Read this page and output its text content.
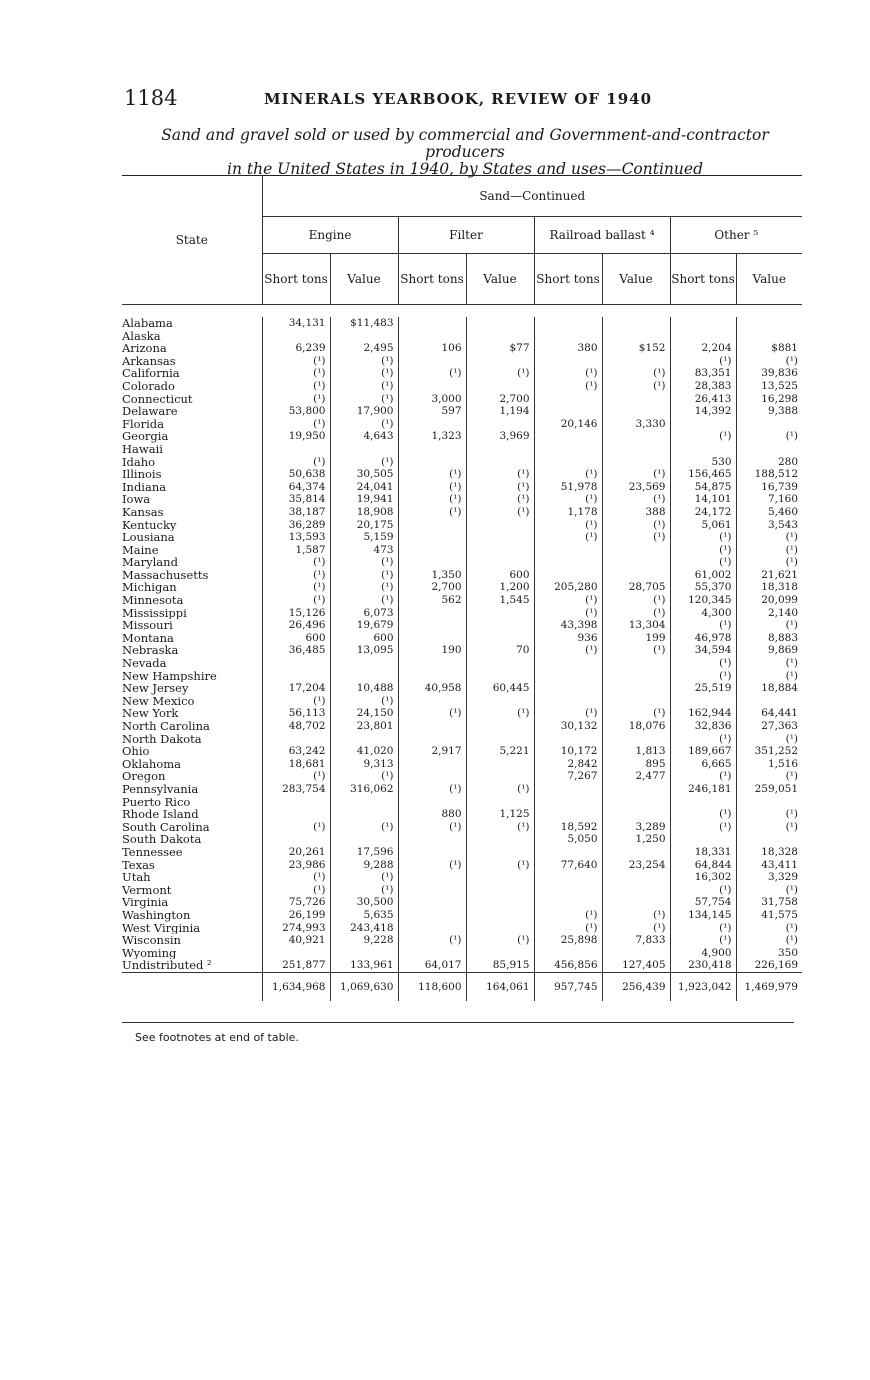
1184	MINERALS YEARBOOK, REVIEW OF 1940
Sand and gravel sold or used by commercial and Government-and-contractor producers
in the United States in 1940, by States and uses—Continued

State	Sand—Continued							
	Engine		Filter		Railroad ballast ⁴		Other ⁵	
	Short tons	Value	Short tons	Value	Short tons	Value	Short tons	Value

Alabama	34,131	$11,483						
Alaska								
Arizona	6,239	2,495	106	$77	380	$152	2,204	$881
Arkansas	(¹)	(¹)					(¹)	(¹)
California	(¹)	(¹)	(¹)	(¹)	(¹)	(¹)	83,351	39,836
Colorado	(¹)	(¹)			(¹)	(¹)	28,383	13,525
Connecticut	(¹)	(¹)	3,000	2,700			26,413	16,298
Delaware	53,800	17,900	597	1,194			14,392	9,388
Florida	(¹)	(¹)			20,146	3,330		
Georgia	19,950	4,643	1,323	3,969			(¹)	(¹)
Hawaii								
Idaho	(¹)	(¹)					530	280
Illinois	50,638	30,505	(¹)	(¹)	(¹)	(¹)	156,465	188,512
Indiana	64,374	24,041	(¹)	(¹)	51,978	23,569	54,875	16,739
Iowa	35,814	19,941	(¹)	(¹)	(¹)	(¹)	14,101	7,160
Kansas	38,187	18,908	(¹)	(¹)	1,178	388	24,172	5,460
Kentucky	36,289	20,175			(¹)	(¹)	5,061	3,543
Lousiana	13,593	5,159			(¹)	(¹)	(¹)	(¹)
Maine	1,587	473					(¹)	(¹)
Maryland	(¹)	(¹)					(¹)	(¹)
Massachusetts	(¹)	(¹)	1,350	600			61,002	21,621
Michigan	(¹)	(¹)	2,700	1,200	205,280	28,705	55,370	18,318
Minnesota	(¹)	(¹)	562	1,545	(¹)	(¹)	120,345	20,099
Mississippi	15,126	6,073			(¹)	(¹)	4,300	2,140
Missouri	26,496	19,679			43,398	13,304	(¹)	(¹)
Montana	600	600			936	199	46,978	8,883
Nebraska	36,485	13,095	190	70	(¹)	(¹)	34,594	9,869
Nevada							(¹)	(¹)
New Hampshire							(¹)	(¹)
New Jersey	17,204	10,488	40,958	60,445			25,519	18,884
New Mexico	(¹)	(¹)						
New York	56,113	24,150	(¹)	(¹)	(¹)	(¹)	162,944	64,441
North Carolina	48,702	23,801			30,132	18,076	32,836	27,363
North Dakota							(¹)	(¹)
Ohio	63,242	41,020	2,917	5,221	10,172	1,813	189,667	351,252
Oklahoma	18,681	9,313			2,842	895	6,665	1,516
Oregon	(¹)	(¹)			7,267	2,477	(¹)	(¹)
Pennsylvania	283,754	316,062	(¹)	(¹)			246,181	259,051
Puerto Rico								
Rhode Island			880	1,125			(¹)	(¹)
South Carolina	(¹)	(¹)	(¹)	(¹)	18,592	3,289	(¹)	(¹)
South Dakota					5,050	1,250		
Tennessee	20,261	17,596					18,331	18,328
Texas	23,986	9,288	(¹)	(¹)	77,640	23,254	64,844	43,411
Utah	(¹)	(¹)					16,302	3,329
Vermont	(¹)	(¹)					(¹)	(¹)
Virginia	75,726	30,500					57,754	31,758
Washington	26,199	5,635			(¹)	(¹)	134,145	41,575
West Virginia	274,993	243,418			(¹)	(¹)	(¹)	(¹)
Wisconsin	40,921	9,228	(¹)	(¹)	25,898	7,833	(¹)	(¹)
Wyoming							4,900	350
Undistributed ²	251,877	133,961	64,017	85,915	456,856	127,405	230,418	226,169
	1,634,968	1,069,630	118,600	164,061	957,745	256,439	1,923,042	1,469,979
See footnotes at end of table.
